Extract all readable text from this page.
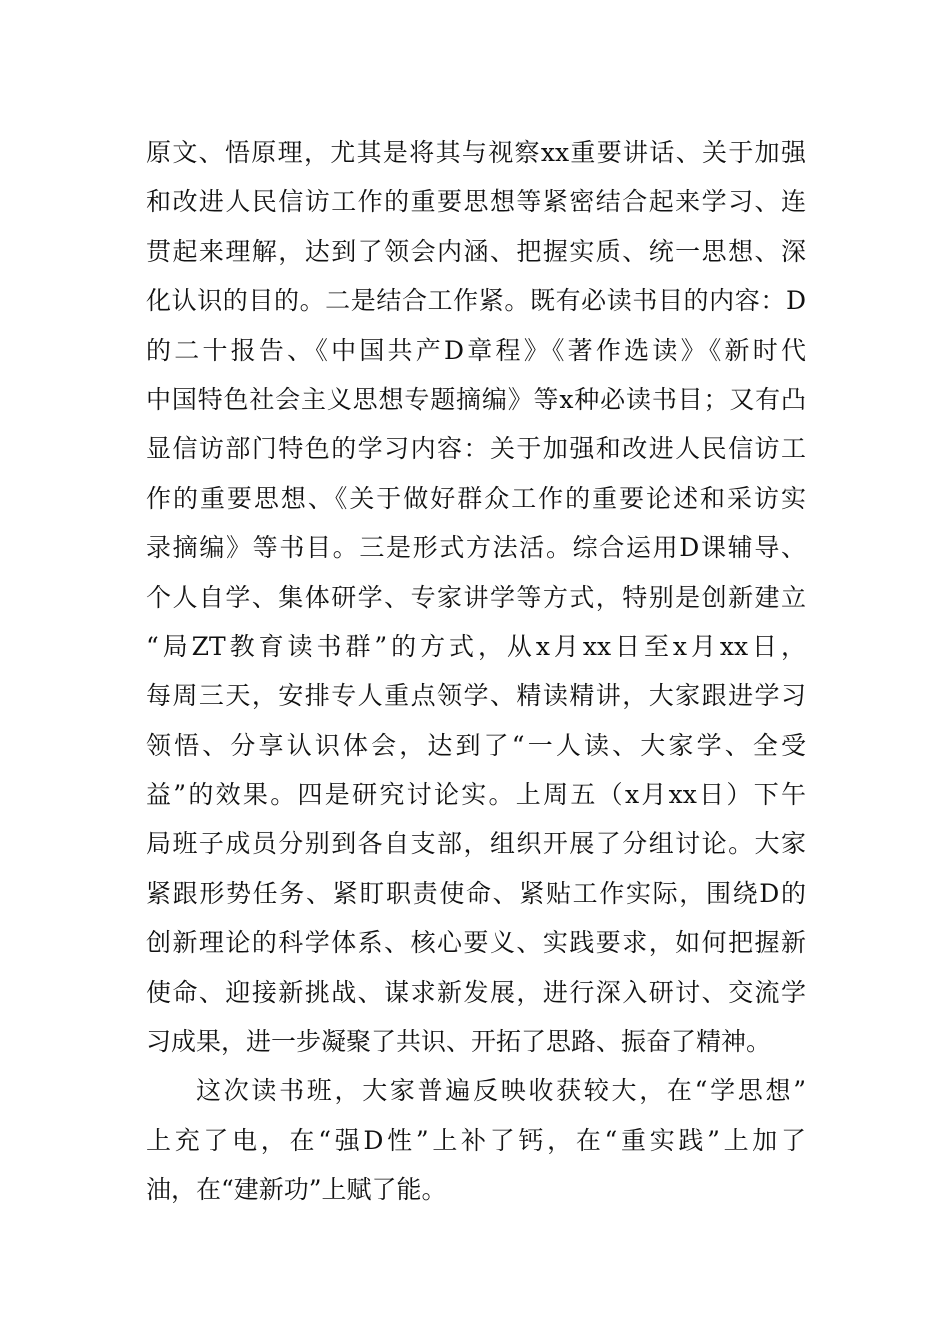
原文、悟原理，尤其是将其与视察xx重要讲话、关于加强
和改进人民信访工作的重要思想等紧密结合起来学习、连
贯起来理解，达到了领会内涵、把握实质、统一思想、深
化认识的目的。二是结合工作紧。既有必读书目的内容：D
的二十报告、《中国共产D章程》《著作选读》《新时代
中国特色社会主义思想专题摘编》等x种必读书目；又有凸
显信访部门特色的学习内容：关于加强和改进人民信访工
作的重要思想、《关于做好群众工作的重要论述和采访实
录摘编》等书目。三是形式方法活。综合运用D课辅导、
个人自学、集体研学、专家讲学等方式，特别是创新建立
“局ZT教育读书群”的方式，从x月xx日至x月xx日，
每周三天，安排专人重点领学、精读精讲，大家跟进学习
领悟、分享认识体会，达到了“一人读、大家学、全受
益”的效果。四是研究讨论实。上周五（x月xx日）下午
局班子成员分别到各自支部，组织开展了分组讨论。大家
紧跟形势任务、紧盯职责使命、紧贴工作实际，围绕D的
创新理论的科学体系、核心要义、实践要求，如何把握新
使命、迎接新挑战、谋求新发展，进行深入研讨、交流学
习成果，进一步凝聚了共识、开拓了思路、振奋了精神。
这次读书班，大家普遍反映收获较大，在“学思想”
上充了电，在“强D性”上补了钙，在“重实践”上加了
油，在“建新功”上赋了能。
